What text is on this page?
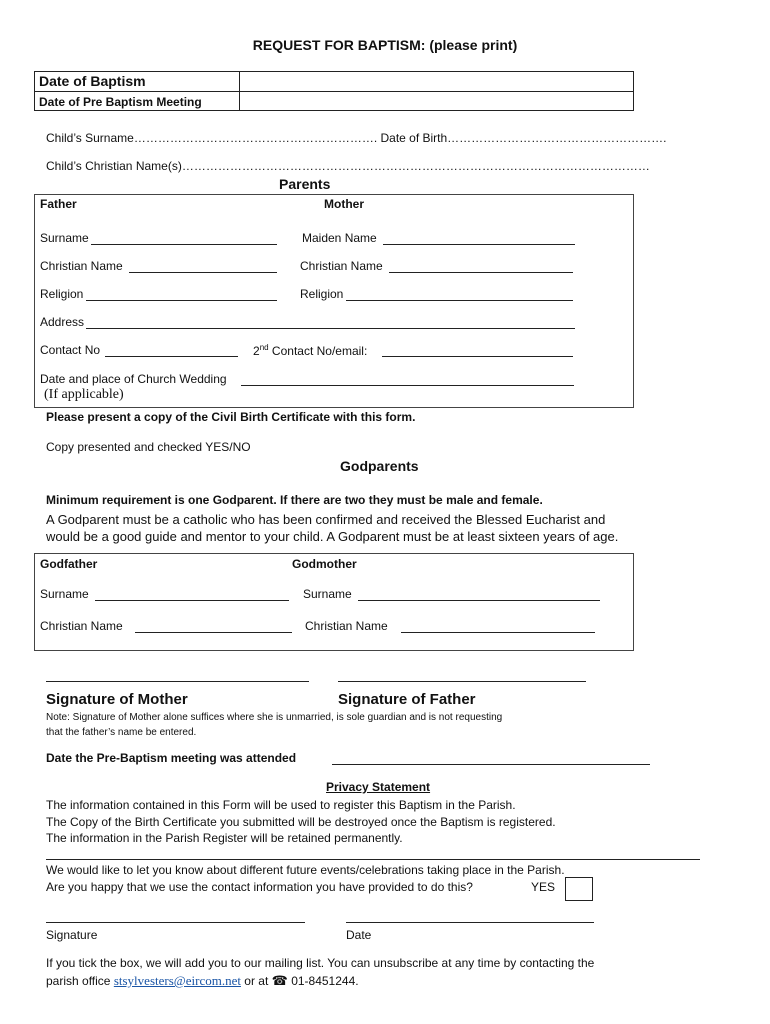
REQUEST FOR BAPTISM: (please print)
Date of Baptism
Date of Pre Baptism Meeting
Child’s Surname……………………………………………………. Date of Birth……………………………………………….
Child’s Christian Name(s)………………………………………………………………………………………………………
Parents
Father	Mother
Surname	Maiden Name
Christian Name	Christian Name
Religion	Religion
Address
Contact No	2nd Contact No/email:
Date and place of Church Wedding
(If applicable)
Please present a copy of the Civil Birth Certificate with this form.
Copy presented and checked YES/NO
Godparents
Minimum requirement is one Godparent. If there are two they must be male and female.
A Godparent must be a catholic who has been confirmed and received the Blessed Eucharist and
would be a good guide and mentor to your child. A Godparent must be at least sixteen years of age.
Godfather	Godmother
Surname	Surname
Christian Name	Christian Name
Signature of Mother	Signature of Father
Note: Signature of Mother alone suffices where she is unmarried, is sole guardian and is not requesting
that the father’s name be entered.
Date the Pre-Baptism meeting was attended
Privacy Statement
The information contained in this Form will be used to register this Baptism in the Parish.
The Copy of the Birth Certificate you submitted will be destroyed once the Baptism is registered.
The information in the Parish Register will be retained permanently.
We would like to let you know about different future events/celebrations taking place in the Parish.
Are you happy that we use the contact information you have provided to do this?	YES
Signature	Date
If you tick the box, we will add you to our mailing list. You can unsubscribe at any time by contacting the
parish office stsylvesters@eircom.net or at ☎ 01-8451244.
